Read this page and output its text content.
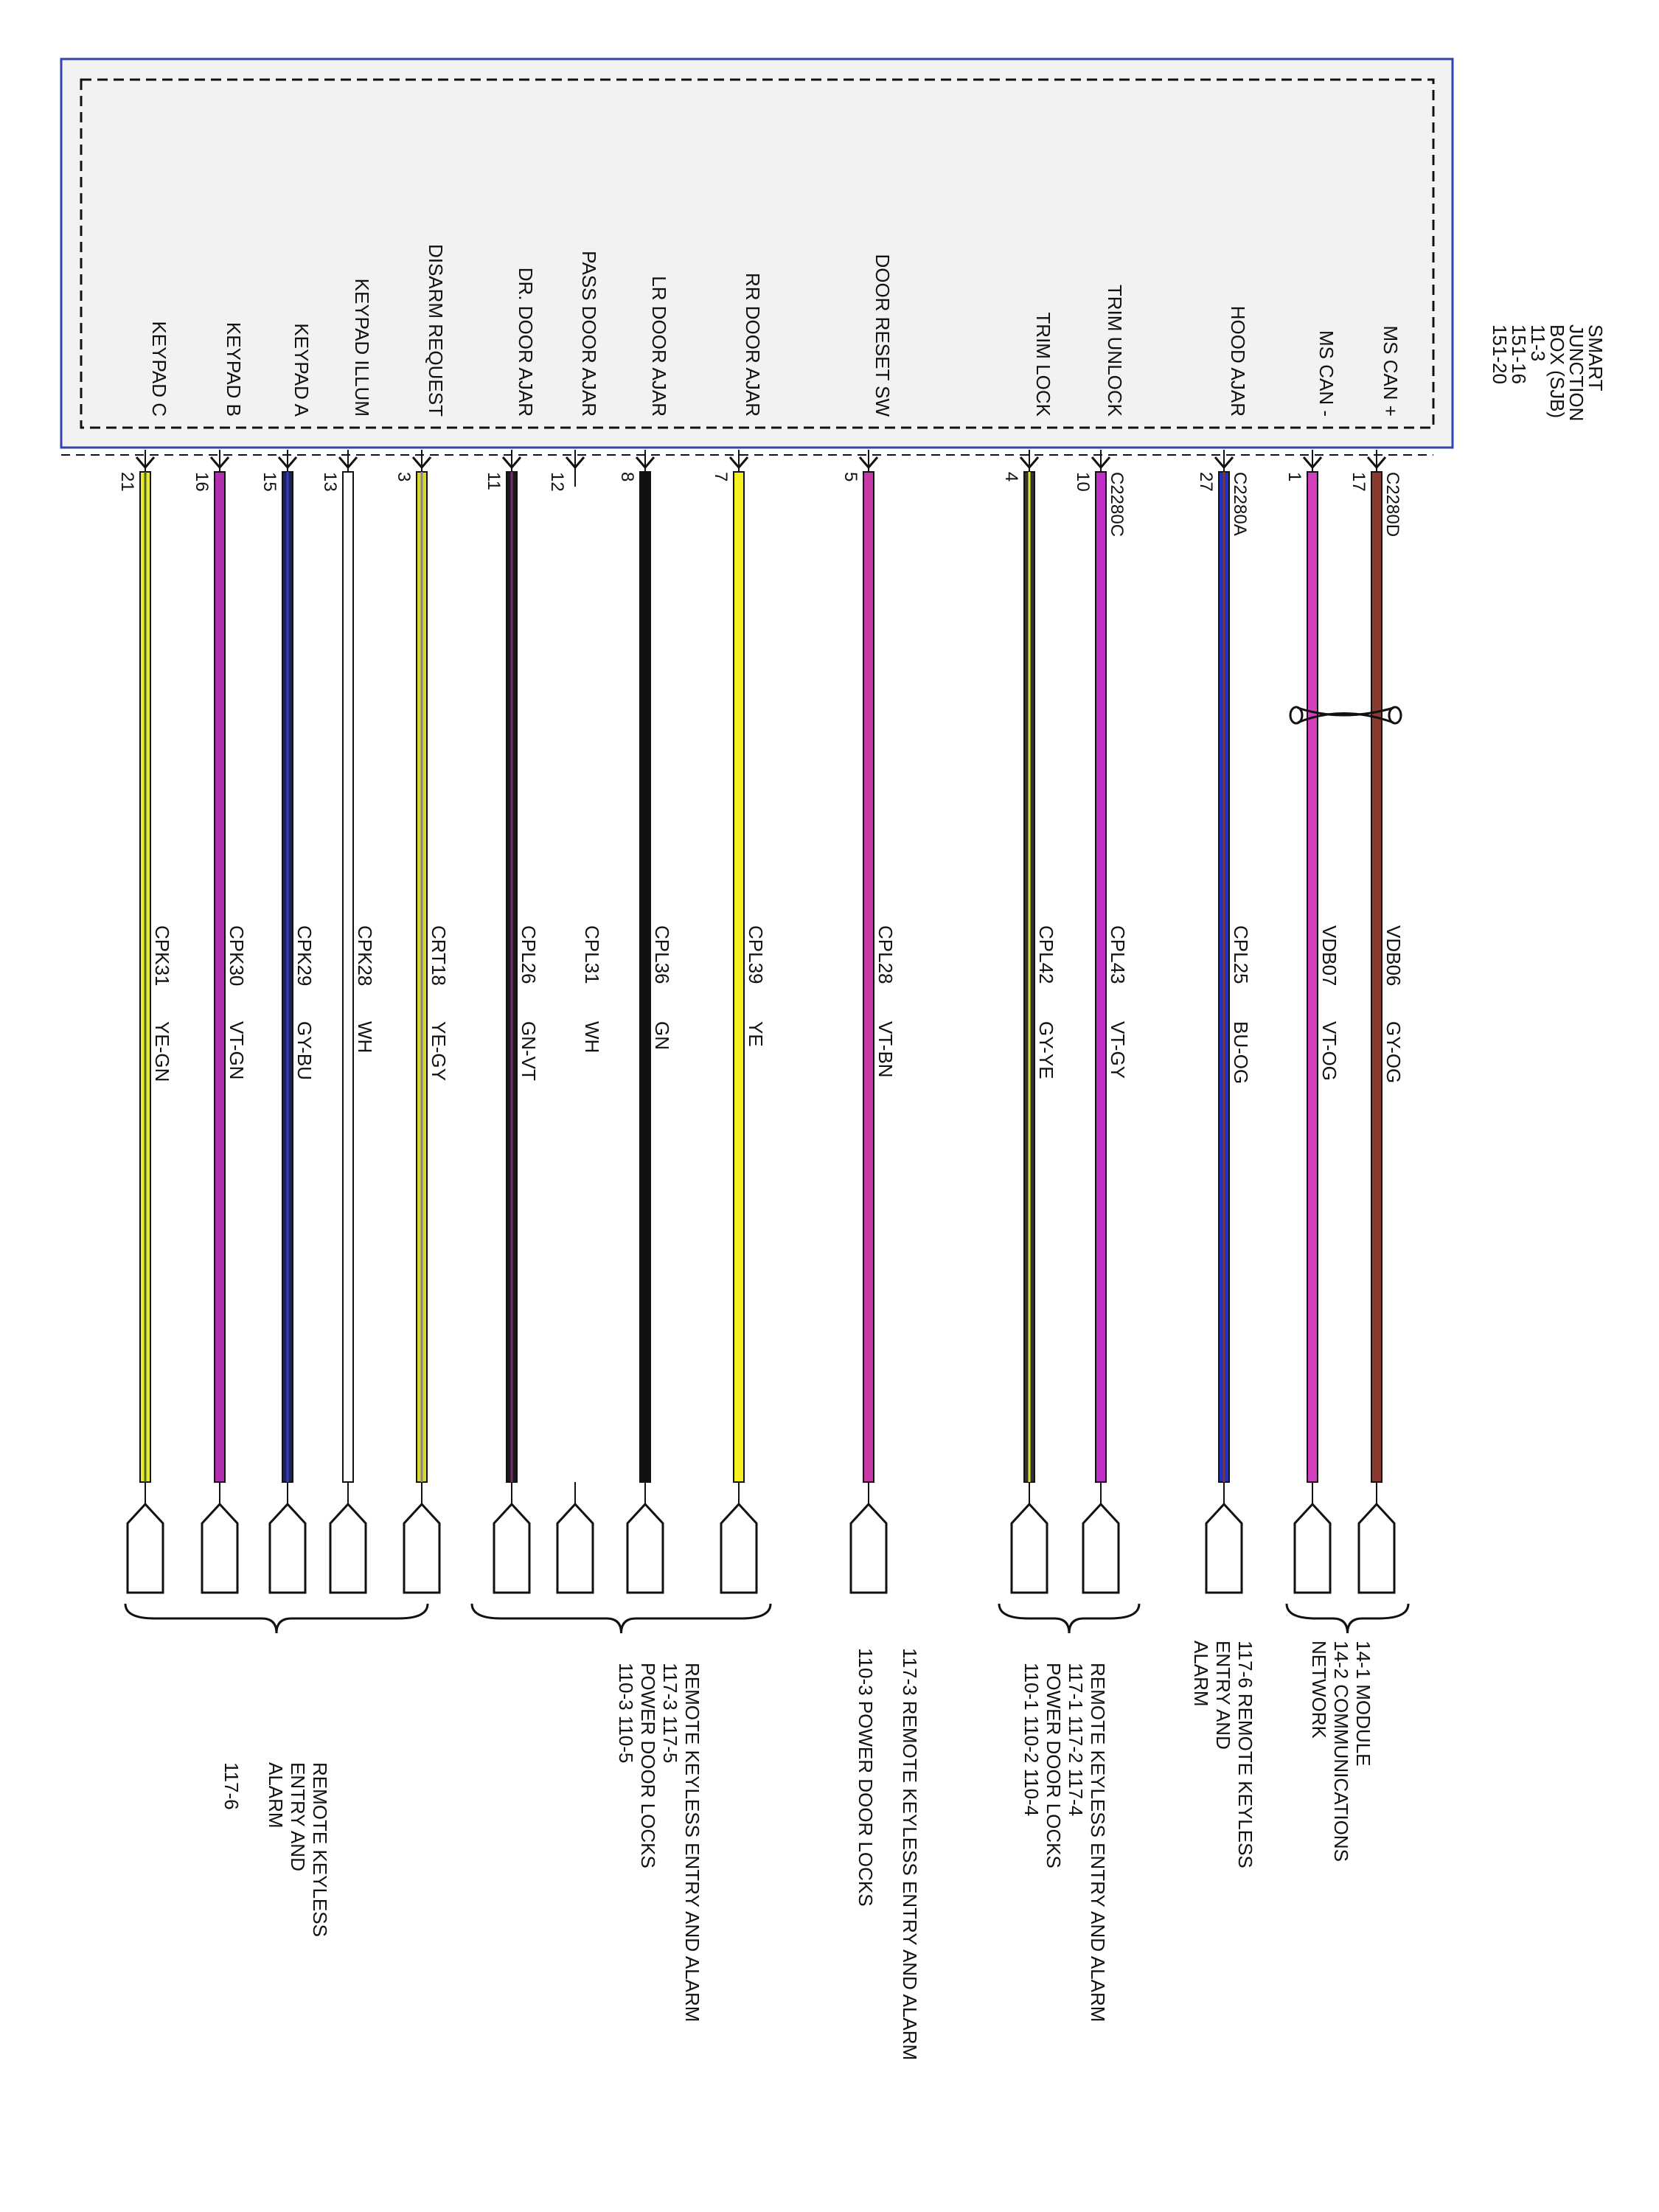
SMART
JUNCTION
BOX (SJB)
11-3
151-16
151-20
MS CAN +
17 C2280D
VDB06
GY-OG
MS CAN -
1
VDB07
VT-OG
HOOD AJAR
27 C2280A
CPL25
BU-OG
TRIM UNLOCK
10 C2280C
CPL43
VT-GY
TRIM LOCK
4
CPL42
GY-YE
DOOR RESET SW
5
CPL28
VT-BN
RR DOOR AJAR
7
CPL39
YE
LR DOOR AJAR
8
CPL36
GN
PASS DOOR AJAR
12
CPL31
WH
DR. DOOR AJAR
11
CPL26
GN-VT
DISARM REQUEST
3
CRT18
YE-GY
KEYPAD ILLUM
13
CPK28
WH
KEYPAD A
15
CPK29
GY-BU
KEYPAD B
16
CPK30
VT-GN
KEYPAD C
21
CPK31
YE-GN
14-1 MODULE
14-2 COMMUNICATIONS
NETWORK
117-6 REMOTE KEYLESS
ENTRY AND
ALARM
REMOTE KEYLESS ENTRY AND ALARM
117-1 117-2 117-4
POWER DOOR LOCKS
110-1 110-2 110-4
117-3 REMOTE KEYLESS ENTRY AND ALARM
110-3 POWER DOOR LOCKS
REMOTE KEYLESS ENTRY AND ALARM
117-3 117-5
POWER DOOR LOCKS
110-3 110-5
REMOTE KEYLESS
ENTRY AND
ALARM
117-6
